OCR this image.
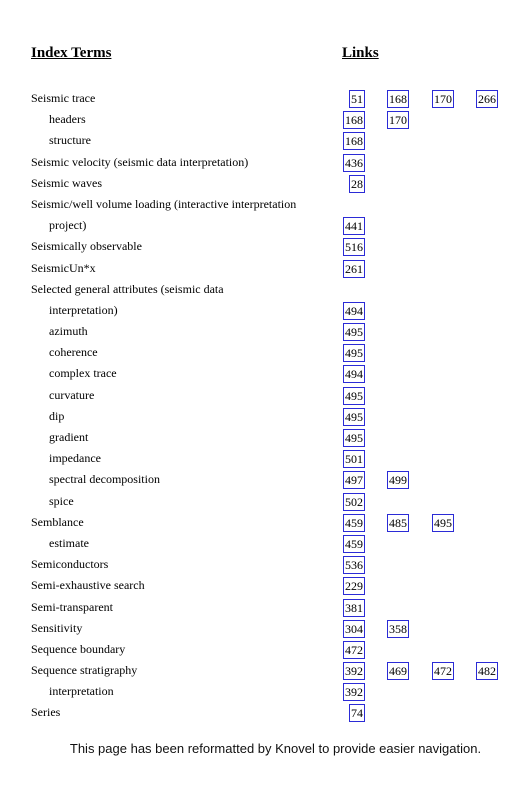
Index Terms	Links
Seismic trace	51 168 170 266
headers	168 170
structure	168
Seismic velocity (seismic data interpretation)	436
Seismic waves	28
Seismic/well volume loading (interactive interpretation
project)	441
Seismically observable	516
SeismicUn*x	261
Selected general attributes (seismic data
interpretation)	494
azimuth	495
coherence	495
complex trace	494
curvature	495
dip	495
gradient	495
impedance	501
spectral decomposition	497 499
spice	502
Semblance	459 485 495
estimate	459
Semiconductors	536
Semi-exhaustive search	229
Semi-transparent	381
Sensitivity	304 358
Sequence boundary	472
Sequence stratigraphy	392 469 472 482
interpretation	392
Series	74
This page has been reformatted by Knovel to provide easier navigation.
